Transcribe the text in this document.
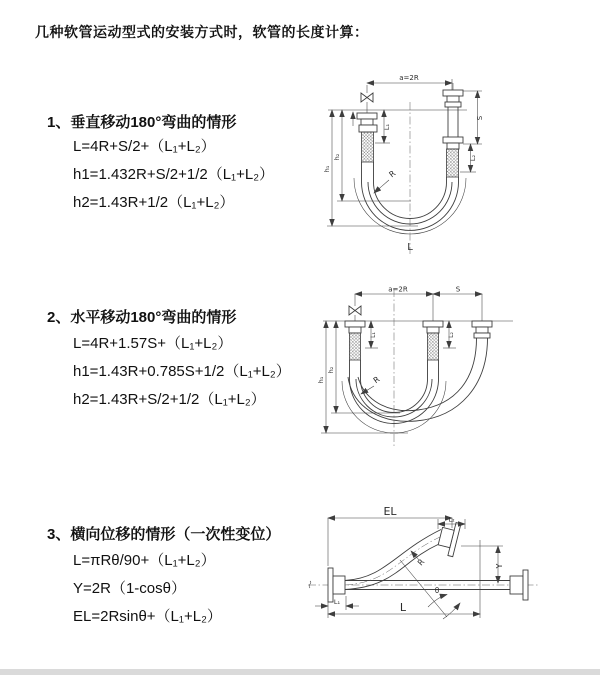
几种软管运动型式的安装方式时，软管的长度计算：
1、垂直移动180°弯曲的情形
L=4R+S/2+（L₁+L₂）
h1=1.432R+S/2+1/2（L₁+L₂）
h2=1.43R+1/2（L₁+L₂）
2、水平移动180°弯曲的情形
L=4R+1.57S+（L₁+L₂）
h1=1.43R+0.785S+1/2（L₁+L₂）
h2=1.43R+S/2+1/2（L₁+L₂）
3、横向位移的情形（一次性变位）
L=πRθ/90+（L₁+L₂）
Y=2R（1-cosθ）
EL=2Rsinθ+（L₁+L₂）
a=2R
L₁
S
L₂
h₁
h₂
R
L
a=2R	S
L₁	L₂
h₁
h₂
R
θ
R
EL
L₂
Y
L
L₁
